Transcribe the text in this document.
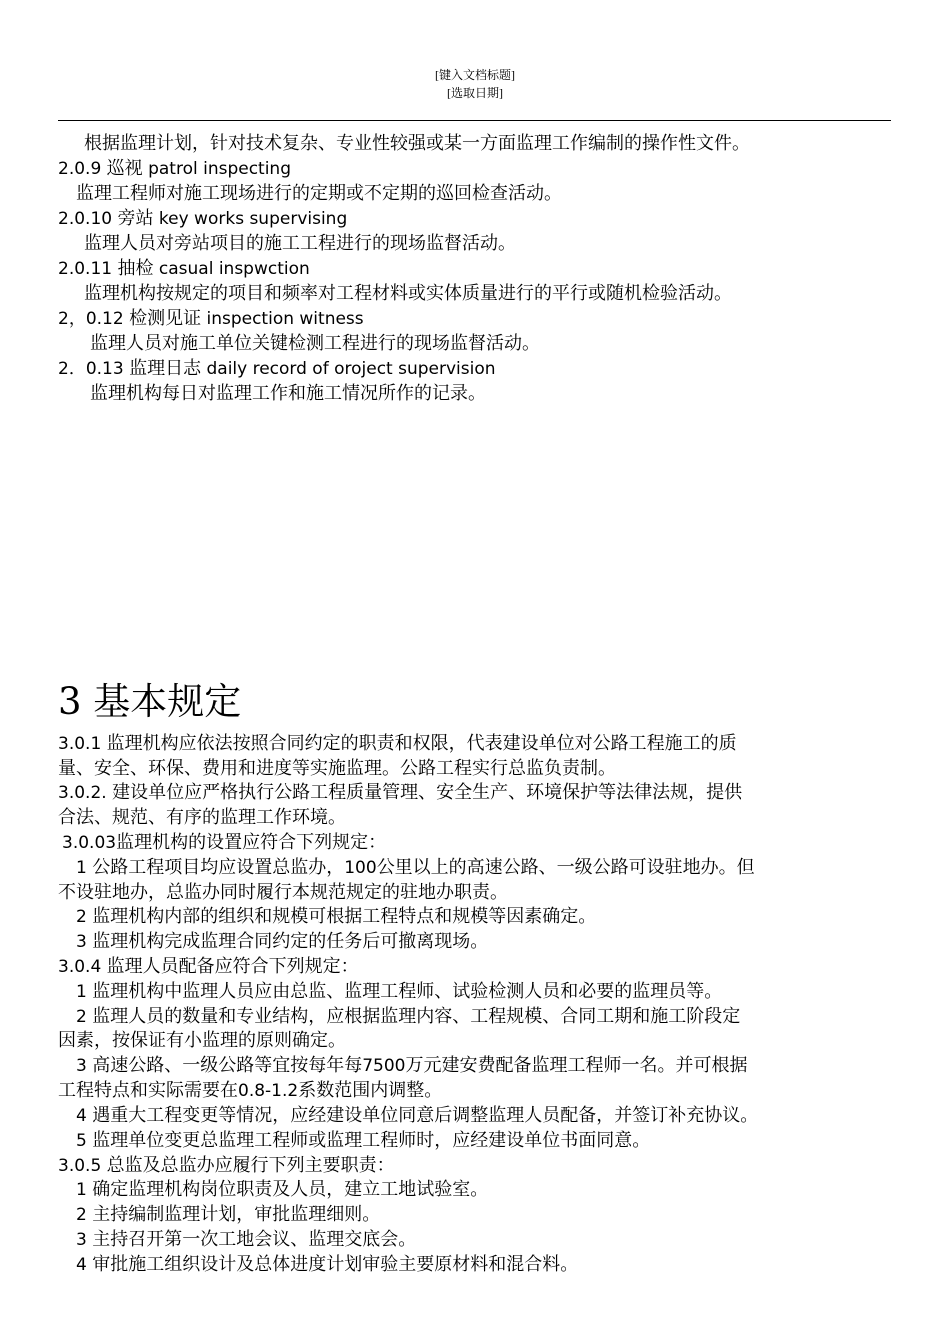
[键入文档标题]
[选取日期]
根据监理计划，针对技术复杂、专业性较强或某一方面监理工作编制的操作性文件。
2.0.9 巡视 patrol inspecting
监理工程师对施工现场进行的定期或不定期的巡回检查活动。
2.0.10 旁站 key works supervising
监理人员对旁站项目的施工工程进行的现场监督活动。
2.0.11 抽检 casual inspwction
监理机构按规定的项目和频率对工程材料或实体质量进行的平行或随机检验活动。
2，0.12 检测见证 inspection witness
监理人员对施工单位关键检测工程进行的现场监督活动。
2．0.13 监理日志 daily record of oroject supervision
监理机构每日对监理工作和施工情况所作的记录。
3 基本规定
3.0.1 监理机构应依法按照合同约定的职责和权限，代表建设单位对公路工程施工的质
量、安全、环保、费用和进度等实施监理。公路工程实行总监负责制。
3.0.2. 建设单位应严格执行公路工程质量管理、安全生产、环境保护等法律法规，提供
合法、规范、有序的监理工作环境。
3.0.03监理机构的设置应符合下列规定：
1 公路工程项目均应设置总监办，100公里以上的高速公路、一级公路可设驻地办。但
不设驻地办，总监办同时履行本规范规定的驻地办职责。
2 监理机构内部的组织和规模可根据工程特点和规模等因素确定。
3 监理机构完成监理合同约定的任务后可撤离现场。
3.0.4 监理人员配备应符合下列规定：
1 监理机构中监理人员应由总监、监理工程师、试验检测人员和必要的监理员等。
2 监理人员的数量和专业结构，应根据监理内容、工程规模、合同工期和施工阶段定
因素，按保证有小监理的原则确定。
3 高速公路、一级公路等宜按每年每7500万元建安费配备监理工程师一名。并可根据
工程特点和实际需要在0.8-1.2系数范围内调整。
4 遇重大工程变更等情况，应经建设单位同意后调整监理人员配备，并签订补充协议。
5 监理单位变更总监理工程师或监理工程师时，应经建设单位书面同意。
3.0.5 总监及总监办应履行下列主要职责：
1 确定监理机构岗位职责及人员，建立工地试验室。
2 主持编制监理计划，审批监理细则。
3 主持召开第一次工地会议、监理交底会。
4 审批施工组织设计及总体进度计划审验主要原材料和混合料。
